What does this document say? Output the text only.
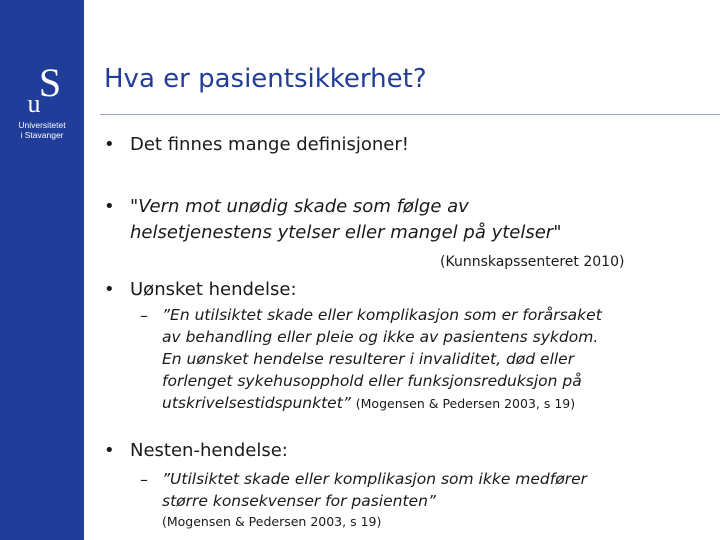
S
u
Universitetet
i Stavanger
Hva er pasientsikkerhet?
• Det finnes mange definisjoner!
• "Vern mot unødig skade som følge av
helsetjenestens ytelser eller mangel på ytelser"
(Kunnskapssenteret 2010)
• Uønsket hendelse:
– ”En utilsiktet skade eller komplikasjon som er forårsaket
av behandling eller pleie og ikke av pasientens sykdom.
En uønsket hendelse resulterer i invaliditet, død eller
forlenget sykehusopphold eller funksjonsreduksjon på
utskrivelsestidspunktet” (Mogensen & Pedersen 2003, s 19)
• Nesten-hendelse:
– ”Utilsiktet skade eller komplikasjon som ikke medfører
større konsekvenser for pasienten”
(Mogensen & Pedersen 2003, s 19)
